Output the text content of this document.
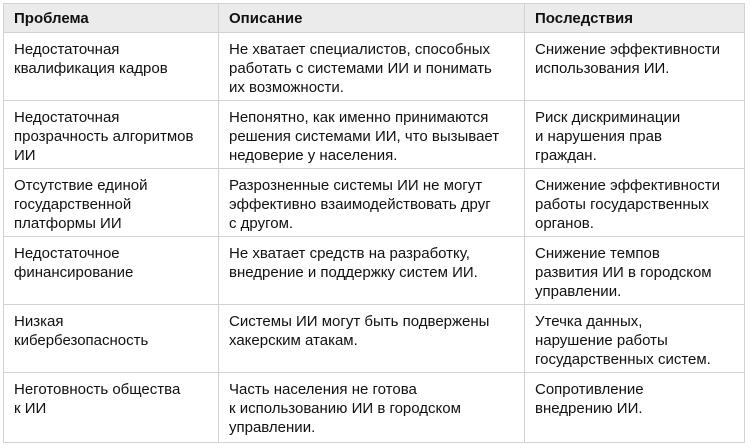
Проблема	Описание	Последствия

Недостаточная
квалификация кадров	Не хватает специалистов, способных
работать с системами ИИ и понимать
их возможности.	Снижение эффективности
использования ИИ.

Недостаточная
прозрачность алгоритмов
ИИ	Непонятно, как именно принимаются
решения системами ИИ, что вызывает
недоверие у населения.	Риск дискриминации
и нарушения прав
граждан.

Отсутствие единой
государственной
платформы ИИ	Разрозненные системы ИИ не могут
эффективно взаимодействовать друг
с другом.	Снижение эффективности
работы государственных
органов.

Недостаточное
финансирование	Не хватает средств на разработку,
внедрение и поддержку систем ИИ.	Снижение темпов
развития ИИ в городском
управлении.

Низкая
кибербезопасность	Системы ИИ могут быть подвержены
хакерским атакам.	Утечка данных,
нарушение работы
государственных систем.

Неготовность общества
к ИИ	Часть населения не готова
к использованию ИИ в городском
управлении.	Сопротивление
внедрению ИИ.
